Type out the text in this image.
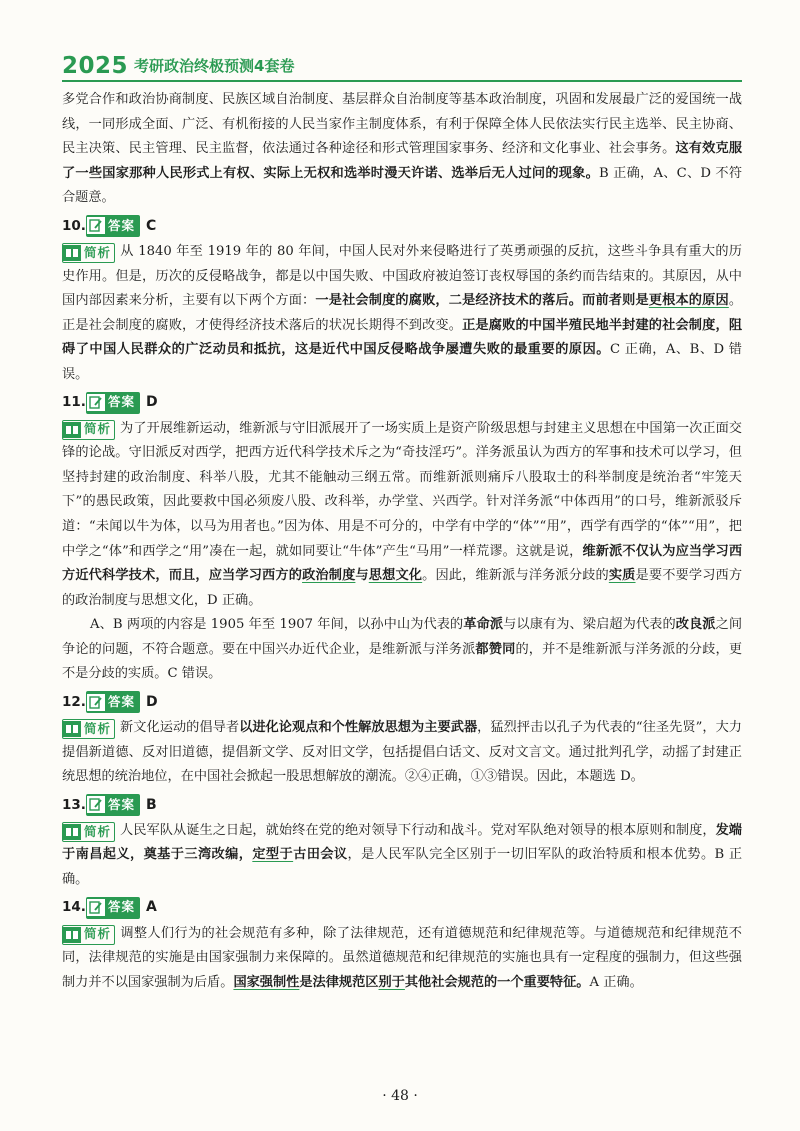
2025 考研政治终极预测4套卷

多党合作和政治协商制度、民族区域自治制度、基层群众自治制度等基本政治制度，巩固和发展最广泛的爱国统一战线，一同形成全面、广泛、有机衔接的人民当家作主制度体系，有利于保障全体人民依法实行民主选举、民主协商、民主决策、民主管理、民主监督，依法通过各种途径和形式管理国家事务、经济和文化事业、社会事务。这有效克服了一些国家那种人民形式上有权、实际上无权和选举时漫天许诺、选举后无人过问的现象。B 正确，A、C、D 不符合题意。

10. 答案 C

简析 从 1840 年至 1919 年的 80 年间，中国人民对外来侵略进行了英勇顽强的反抗，这些斗争具有重大的历史作用。但是，历次的反侵略战争，都是以中国失败、中国政府被迫签订丧权辱国的条约而告结束的。其原因，从中国内部因素来分析，主要有以下两个方面：一是社会制度的腐败，二是经济技术的落后。而前者则是更根本的原因。正是社会制度的腐败，才使得经济技术落后的状况长期得不到改变。正是腐败的中国半殖民地半封建的社会制度，阻碍了中国人民群众的广泛动员和抵抗，这是近代中国反侵略战争屡遭失败的最重要的原因。C 正确，A、B、D 错误。

11. 答案 D

简析 为了开展维新运动，维新派与守旧派展开了一场实质上是资产阶级思想与封建主义思想在中国第一次正面交锋的论战。守旧派反对西学，把西方近代科学技术斥之为“奇技淫巧”。洋务派虽认为西方的军事和技术可以学习，但坚持封建的政治制度、科举八股，尤其不能触动三纲五常。而维新派则痛斥八股取士的科举制度是统治者“牢笼天下”的愚民政策，因此要救中国必须废八股、改科举，办学堂、兴西学。针对洋务派“中体西用”的口号，维新派驳斥道：“未闻以牛为体，以马为用者也。”因为体、用是不可分的，中学有中学的“体”“用”，西学有西学的“体”“用”，把中学之“体”和西学之“用”凑在一起，就如同要让“牛体”产生“马用”一样荒谬。这就是说，维新派不仅认为应当学习西方近代科学技术，而且，应当学习西方的政治制度与思想文化。因此，维新派与洋务派分歧的实质是要不要学习西方的政治制度与思想文化，D 正确。

A、B 两项的内容是 1905 年至 1907 年间，以孙中山为代表的革命派与以康有为、梁启超为代表的改良派之间争论的问题，不符合题意。要在中国兴办近代企业，是维新派与洋务派都赞同的，并不是维新派与洋务派的分歧，更不是分歧的实质。C 错误。

12. 答案 D

简析 新文化运动的倡导者以进化论观点和个性解放思想为主要武器，猛烈抨击以孔子为代表的“往圣先贤”，大力提倡新道德、反对旧道德，提倡新文学、反对旧文学，包括提倡白话文、反对文言文。通过批判孔学，动摇了封建正统思想的统治地位，在中国社会掀起一股思想解放的潮流。②④正确，①③错误。因此，本题选 D。

13. 答案 B

简析 人民军队从诞生之日起，就始终在党的绝对领导下行动和战斗。党对军队绝对领导的根本原则和制度，发端于南昌起义，奠基于三湾改编，定型于古田会议，是人民军队完全区别于一切旧军队的政治特质和根本优势。B 正确。

14. 答案 A

简析 调整人们行为的社会规范有多种，除了法律规范，还有道德规范和纪律规范等。与道德规范和纪律规范不同，法律规范的实施是由国家强制力来保障的。虽然道德规范和纪律规范的实施也具有一定程度的强制力，但这些强制力并不以国家强制为后盾。国家强制性是法律规范区别于其他社会规范的一个重要特征。A 正确。

· 48 ·
